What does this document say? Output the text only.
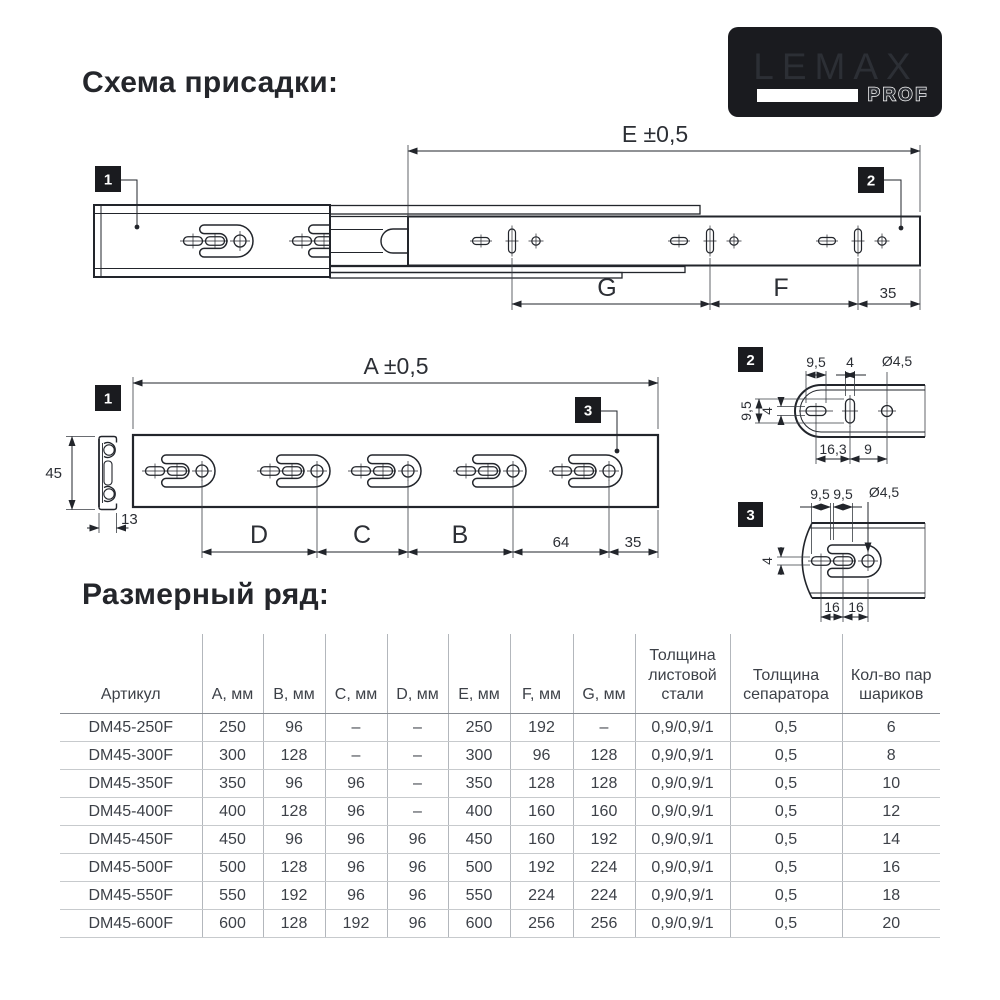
Схема присадки:	LEMAX
PROF
1	2
E ±0,5
G	F	35
45
13
1
3
A ±0,5
D	C	B	64	35
2	9,5 4 Ø4,5
9,5 4
16,3 9
3
9,5 9,5 Ø4,5
4
16 16
Размерный ряд:
Артикул	A, мм	B, мм	C, мм	D, мм	E, мм	F, мм	G, мм	Толщина листовой стали	Толщина сепаратора	Кол-во пар шариков
DM45-250F	250	96	–	–	250	192	–	0,9/0,9/1	0,5	6
DM45-300F	300	128	–	–	300	96	128	0,9/0,9/1	0,5	8
DM45-350F	350	96	96	–	350	128	128	0,9/0,9/1	0,5	10
DM45-400F	400	128	96	–	400	160	160	0,9/0,9/1	0,5	12
DM45-450F	450	96	96	96	450	160	192	0,9/0,9/1	0,5	14
DM45-500F	500	128	96	96	500	192	224	0,9/0,9/1	0,5	16
DM45-550F	550	192	96	96	550	224	224	0,9/0,9/1	0,5	18
DM45-600F	600	128	192	96	600	256	256	0,9/0,9/1	0,5	20
